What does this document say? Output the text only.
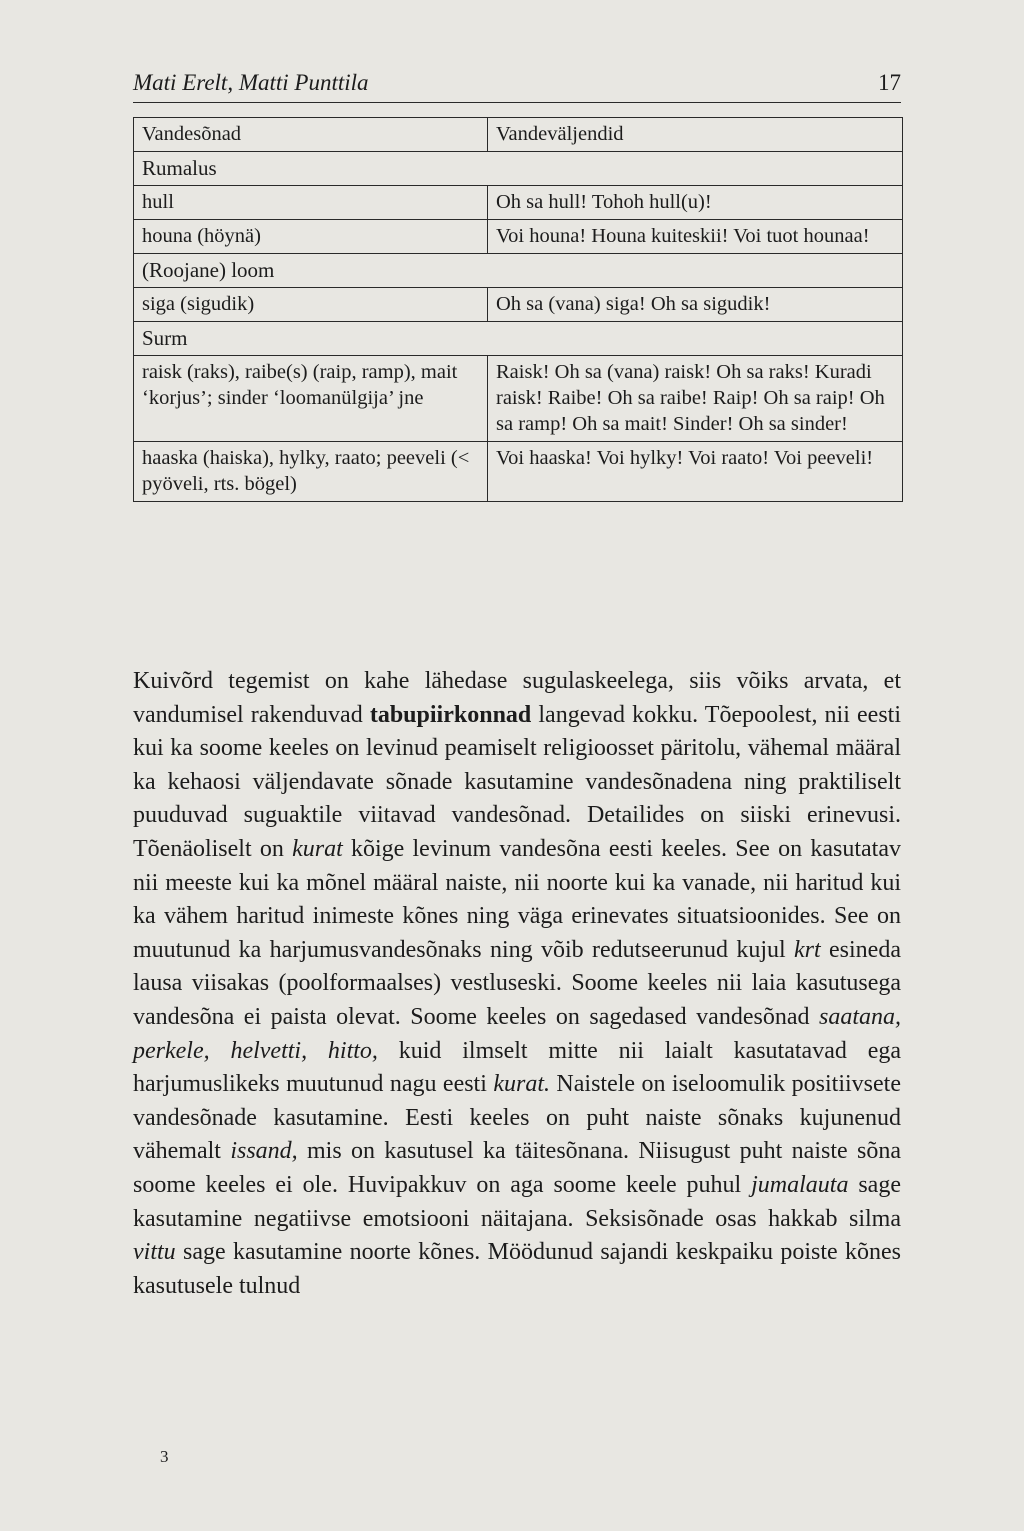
Mati Erelt, Matti Punttila	17
Vandesõnad	Vandeväljendid
Rumalus	
hull	Oh sa hull! Tohoh hull(u)!
houna (höynä)	Voi houna! Houna kuiteskii! Voi tuot hounaa!
(Roojane) loom	
siga (sigudik)	Oh sa (vana) siga! Oh sa sigudik!
Surm	
raisk (raks), raibe(s) (raip, ramp), mait ‘korjus’; sinder ‘loomanülgija’ jne	Raisk! Oh sa (vana) raisk! Oh sa raks! Kuradi raisk! Raibe! Oh sa raibe! Raip! Oh sa raip! Oh sa ramp! Oh sa mait! Sinder! Oh sa sinder!
haaska (haiska), hylky, raato; peeveli (< pyöveli, rts. bögel)	Voi haaska! Voi hylky! Voi raato! Voi peeveli!

Kuivõrd tegemist on kahe lähedase sugulaskeelega, siis võiks arvata, et vandumisel rakenduvad tabupiirkonnad langevad kokku. Tõepoolest, nii eesti kui ka soome keeles on levinud peamiselt religioosset päritolu, vähemal määral ka kehaosi väljendavate sõnade kasutamine vandesõnadena ning praktiliselt puuduvad suguaktile viitavad vandesõnad. Detailides on siiski erinevusi. Tõenäoliselt on kurat kõige levinum vandesõna eesti keeles. See on kasutatav nii meeste kui ka mõnel määral naiste, nii noorte kui ka vanade, nii haritud kui ka vähem haritud inimeste kõnes ning väga erinevates situatsioonides. See on muutunud ka harjumusvandesõnaks ning võib redutseerunud kujul krt esineda lausa viisakas (poolformaalses) vestluseski. Soome keeles nii laia kasutusega vandesõna ei paista olevat. Soome keeles on sagedased vandesõnad saatana, perkele, helvetti, hitto, kuid ilmselt mitte nii laialt kasutatavad ega harjumuslikeks muutunud nagu eesti kurat. Naistele on iseloomulik positiivsete vandesõnade kasutamine. Eesti keeles on puht naiste sõnaks kujunenud vähemalt issand, mis on kasutusel ka täitesõnana. Niisugust puht naiste sõna soome keeles ei ole. Huvipakkuv on aga soome keele puhul jumalauta sage kasutamine negatiivse emotsiooni näitajana. Seksisõnade osas hakkab silma vittu sage kasutamine noorte kõnes. Möödunud sajandi keskpaiku poiste kõnes kasutusele tulnud

3
